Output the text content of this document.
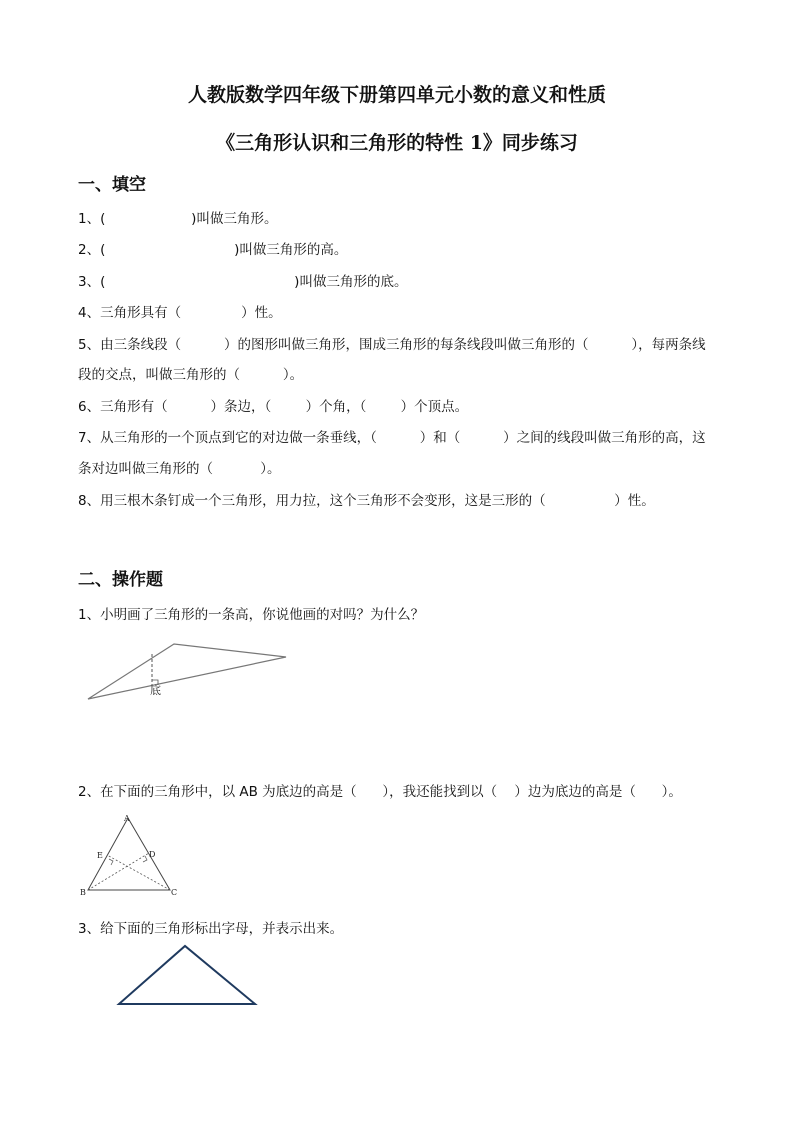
人教版数学四年级下册第四单元小数的意义和性质
《三角形认识和三角形的特性 1》同步练习
一、填空
1、(                    )叫做三角形。
2、(                              )叫做三角形的高。
3、(                                            )叫做三角形的底。
4、三角形具有（              ）性。
5、由三条线段（          ）的图形叫做三角形，围成三角形的每条线段叫做三角形的（          ），每两条线
段的交点，叫做三角形的（          ）。
6、三角形有（          ）条边，（        ）个角，（        ）个顶点。
7、从三角形的一个顶点到它的对边做一条垂线，（          ）和（          ）之间的线段叫做三角形的高，这
条对边叫做三角形的（           ）。
8、用三根木条钉成一个三角形，用力拉，这个三角形不会变形，这是三形的（                ）性。
二、操作题
1、小明画了三角形的一条高，你说他画的对吗？为什么？
底
2、在下面的三角形中，以 AB 为底边的高是（      ），我还能找到以（    ）边为底边的高是（      ）。
A
B	C
D
E
3、给下面的三角形标出字母，并表示出来。
